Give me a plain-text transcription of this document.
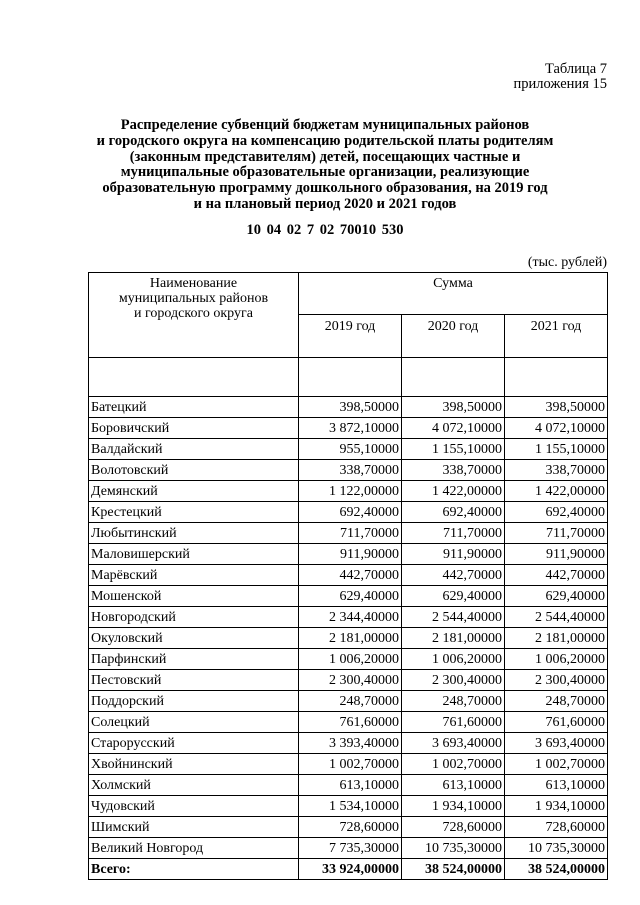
Таблица 7
приложения 15
Распределение субвенций бюджетам муниципальных районов
и городского округа на компенсацию родительской платы родителям
(законным представителям) детей, посещающих частные и
муниципальные образовательные организации, реализующие
образовательную программу дошкольного образования, на 2019 год
и на плановый период 2020 и 2021 годов
10 04 02 7 02 70010 530
(тыс. рублей)
Наименование
муниципальных районов
и городского округа	Сумма		
	2019 год	2020 год	2021 год

Батецкий	398,50000	398,50000	398,50000
Боровичский	3 872,10000	4 072,10000	4 072,10000
Валдайский	955,10000	1 155,10000	1 155,10000
Волотовский	338,70000	338,70000	338,70000
Демянский	1 122,00000	1 422,00000	1 422,00000
Крестецкий	692,40000	692,40000	692,40000
Любытинский	711,70000	711,70000	711,70000
Маловишерский	911,90000	911,90000	911,90000
Марёвский	442,70000	442,70000	442,70000
Мошенской	629,40000	629,40000	629,40000
Новгородский	2 344,40000	2 544,40000	2 544,40000
Окуловский	2 181,00000	2 181,00000	2 181,00000
Парфинский	1 006,20000	1 006,20000	1 006,20000
Пестовский	2 300,40000	2 300,40000	2 300,40000
Поддорский	248,70000	248,70000	248,70000
Солецкий	761,60000	761,60000	761,60000
Старорусский	3 393,40000	3 693,40000	3 693,40000
Хвойнинский	1 002,70000	1 002,70000	1 002,70000
Холмский	613,10000	613,10000	613,10000
Чудовский	1 534,10000	1 934,10000	1 934,10000
Шимский	728,60000	728,60000	728,60000
Великий Новгород	7 735,30000	10 735,30000	10 735,30000
Всего:	33 924,00000	38 524,00000	38 524,00000
